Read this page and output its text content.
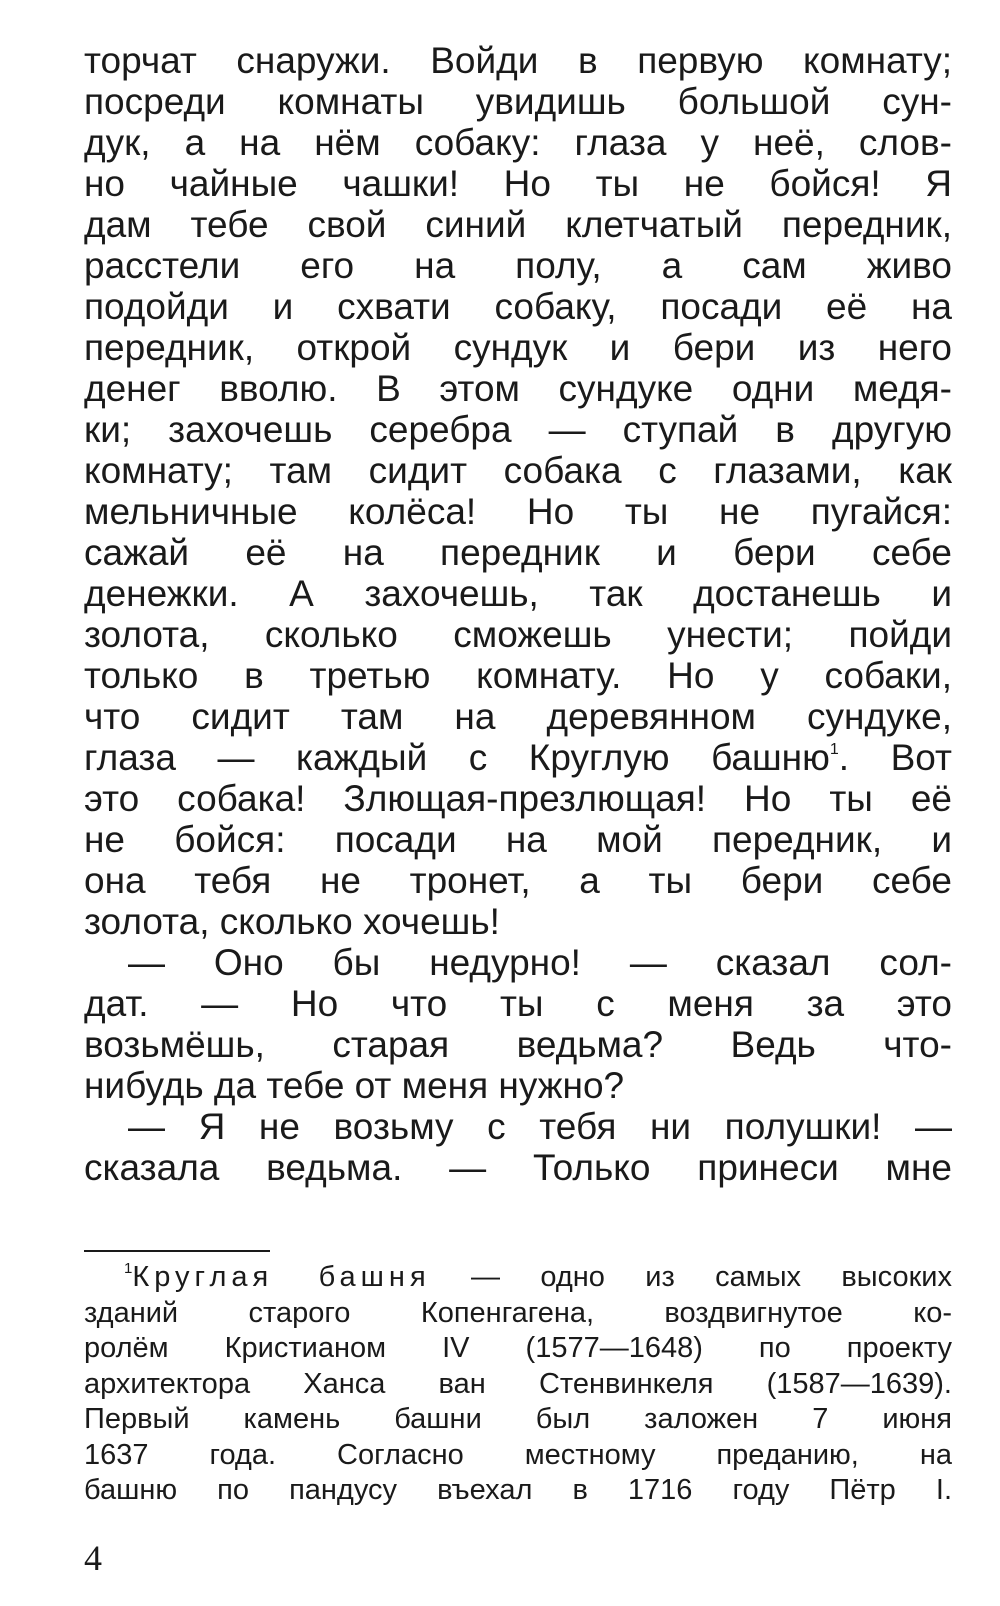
торчат снаружи. Войди в первую комнату;
посреди комнаты увидишь большой сун-
дук, а на нём собаку: глаза у неё, слов-
но чайные чашки! Но ты не бойся! Я
дам тебе свой синий клетчатый передник,
расстели его на полу, а сам живо
подойди и схвати собаку, посади её на
передник, открой сундук и бери из него
денег вволю. В этом сундуке одни медя-
ки; захочешь серебра — ступай в другую
комнату; там сидит собака с глазами, как
мельничные колёса! Но ты не пугайся:
сажай её на передник и бери себе
денежки. А захочешь, так достанешь и
золота, сколько сможешь унести; пойди
только в третью комнату. Но у собаки,
что сидит там на деревянном сундуке,
глаза — каждый с Круглую башню$^1$. Вот
это собака! Злющая-презлющая! Но ты её
не бойся: посади на мой передник, и
она тебя не тронет, а ты бери себе
золота, сколько хочешь!
— Оно бы недурно! — сказал сол-
дат. — Но что ты с меня за это
возьмёшь, старая ведьма? Ведь что-
нибудь да тебе от меня нужно?
— Я не возьму с тебя ни полушки! —
сказала ведьма. — Только принеси мне
$^1$Круглая башня — одно из самых высоких
зданий старого Копенгагена, воздвигнутое ко-
ролём Кристианом IV (1577—1648) по проекту
архитектора Ханса ван Стенвинкеля (1587—1639).
Первый камень башни был заложен 7 июня
1637 года. Согласно местному преданию, на
башню по пандусу въехал в 1716 году Пётр I.
4
